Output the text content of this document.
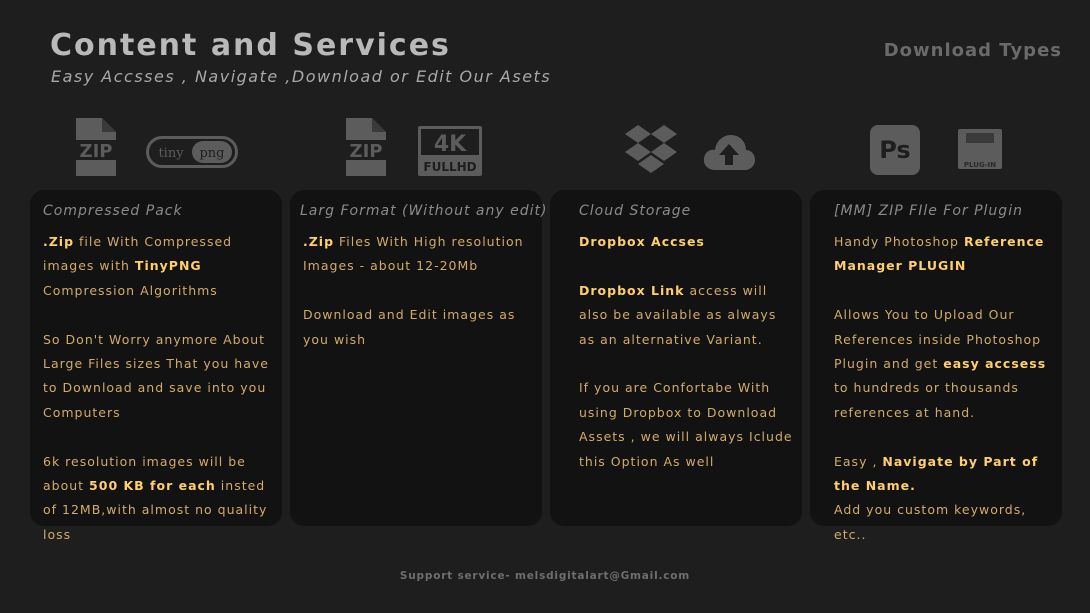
Content and Services
Easy Accsses , Navigate ,Download or Edit Our Asets
Download Types
ZIP	tiny png	ZIP 4K
FULLHD
Ps
PLUG-IN
Compressed Pack

.Zip file With Compressed images with TinyPNG Compression Algorithms

So Don't Worry anymore About Large Files sizes That you have to Download and save into you Computers

6k resolution images will be about 500 KB for each insted of 12MB,with almost no quality loss

Larg Format (Without any edit)

.Zip Files With High resolution Images - about 12-20Mb

Download and Edit images as you wish

Cloud Storage

Dropbox Accses

Dropbox Link access will also be available as always as an alternative Variant.

If you are Confortabe With using Dropbox to Download Assets , we will always Iclude this Option As well

[MM] ZIP FIle For Plugin

Handy Photoshop Reference Manager PLUGIN

Allows You to Upload Our References inside Photoshop Plugin and get easy accsess to hundreds or thousands references at hand.

Easy , Navigate by Part of the Name.
Add you custom keywords, etc..

Support service- melsdigitalart@Gmail.com
